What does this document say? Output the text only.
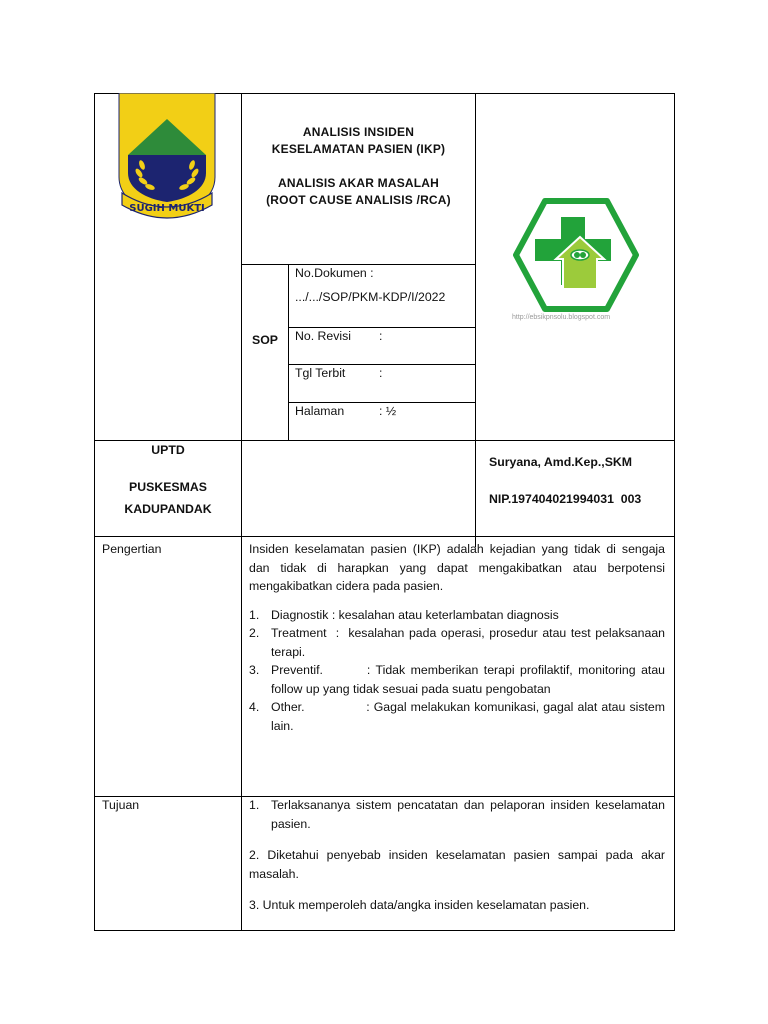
SUGIH MUKTI
ANALISIS INSIDEN
KESELAMATAN PASIEN (IKP)
ANALISIS AKAR MASALAH
(ROOT CAUSE ANALISIS /RCA)
SOP
No.Dokumen :
.../.../SOP/PKM-KDP/I/2022
No. Revisi :
Tgl Terbit	:
Halaman	: ½
http://ebsikpnsolu.blogspot.com
UPTD
PUSKESMAS
KADUPANDAK
Suryana, Amd.Kep.,SKM
NIP.197404021994031  003
Pengertian	Insiden keselamatan pasien (IKP) adalah kejadian yang tidak di sengaja dan tidak di harapkan yang dapat mengakibatkan atau berpotensi mengakibatkan cidera pada pasien.
1. Diagnostik : kesalahan atau keterlambatan diagnosis
2. Treatment  :  kesalahan pada operasi, prosedur atau test pelaksanaan terapi.
3. Preventif.        : Tidak memberikan terapi profilaktif, monitoring atau follow up yang tidak sesuai pada suatu pengobatan
4. Other.               : Gagal melakukan komunikasi, gagal alat atau sistem lain.
Tujuan	1. Terlaksananya sistem pencatatan dan pelaporan insiden keselamatan pasien.
2. Diketahui penyebab insiden keselamatan pasien sampai pada akar masalah.
3. Untuk memperoleh data/angka insiden keselamatan pasien.
